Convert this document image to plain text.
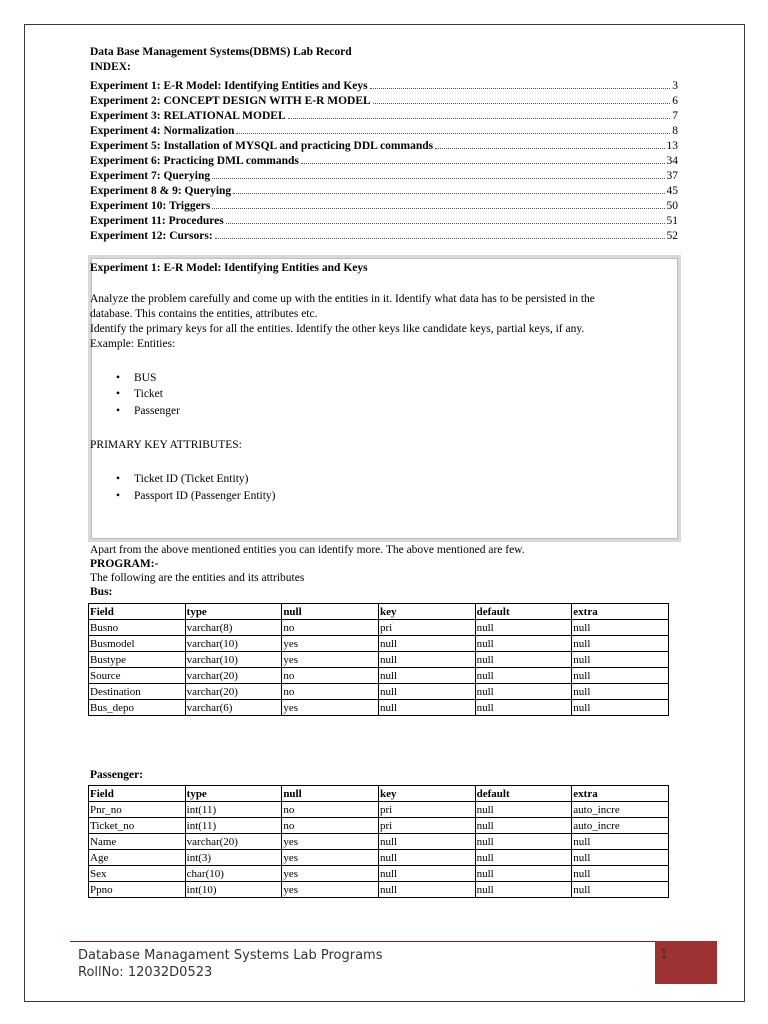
Data Base Management Systems(DBMS) Lab Record
INDEX:
Experiment 1: E-R Model: Identifying Entities and Keys	3
Experiment 2: CONCEPT DESIGN WITH E-R MODEL	6
Experiment 3: RELATIONAL MODEL	7
Experiment 4: Normalization	8
Experiment 5: Installation of MYSQL and practicing DDL commands	13
Experiment 6: Practicing DML commands	34
Experiment 7: Querying	37
Experiment 8 & 9: Querying	45
Experiment 10: Triggers	50
Experiment 11: Procedures	51
Experiment 12: Cursors:	52
Experiment 1: E-R Model: Identifying Entities and Keys
Analyze the problem carefully and come up with the entities in it. Identify what data has to be persisted in the
database. This contains the entities, attributes etc.
Identify the primary keys for all the entities. Identify the other keys like candidate keys, partial keys, if any.
Example: Entities:
• BUS
• Ticket
• Passenger
PRIMARY KEY ATTRIBUTES:
• Ticket ID (Ticket Entity)
• Passport ID (Passenger Entity)
Apart from the above mentioned entities you can identify more. The above mentioned are few.
PROGRAM:-
The following are the entities and its attributes
Bus:
Field	type	null	key	default	extra
Busno	varchar(8)	no	pri	null	null
Busmodel	varchar(10)	yes	null	null	null
Bustype	varchar(10)	yes	null	null	null
Source	varchar(20)	no	null	null	null
Destination	varchar(20)	no	null	null	null
Bus_depo	varchar(6)	yes	null	null	null
Passenger:
Field	type	null	key	default	extra
Pnr_no	int(11)	no	pri	null	auto_incre
Ticket_no	int(11)	no	pri	null	auto_incre
Name	varchar(20)	yes	null	null	null
Age	int(3)	yes	null	null	null
Sex	char(10)	yes	null	null	null
Ppno	int(10)	yes	null	null	null
Database Managament Systems Lab Programs
RollNo: 12032D0523
1
